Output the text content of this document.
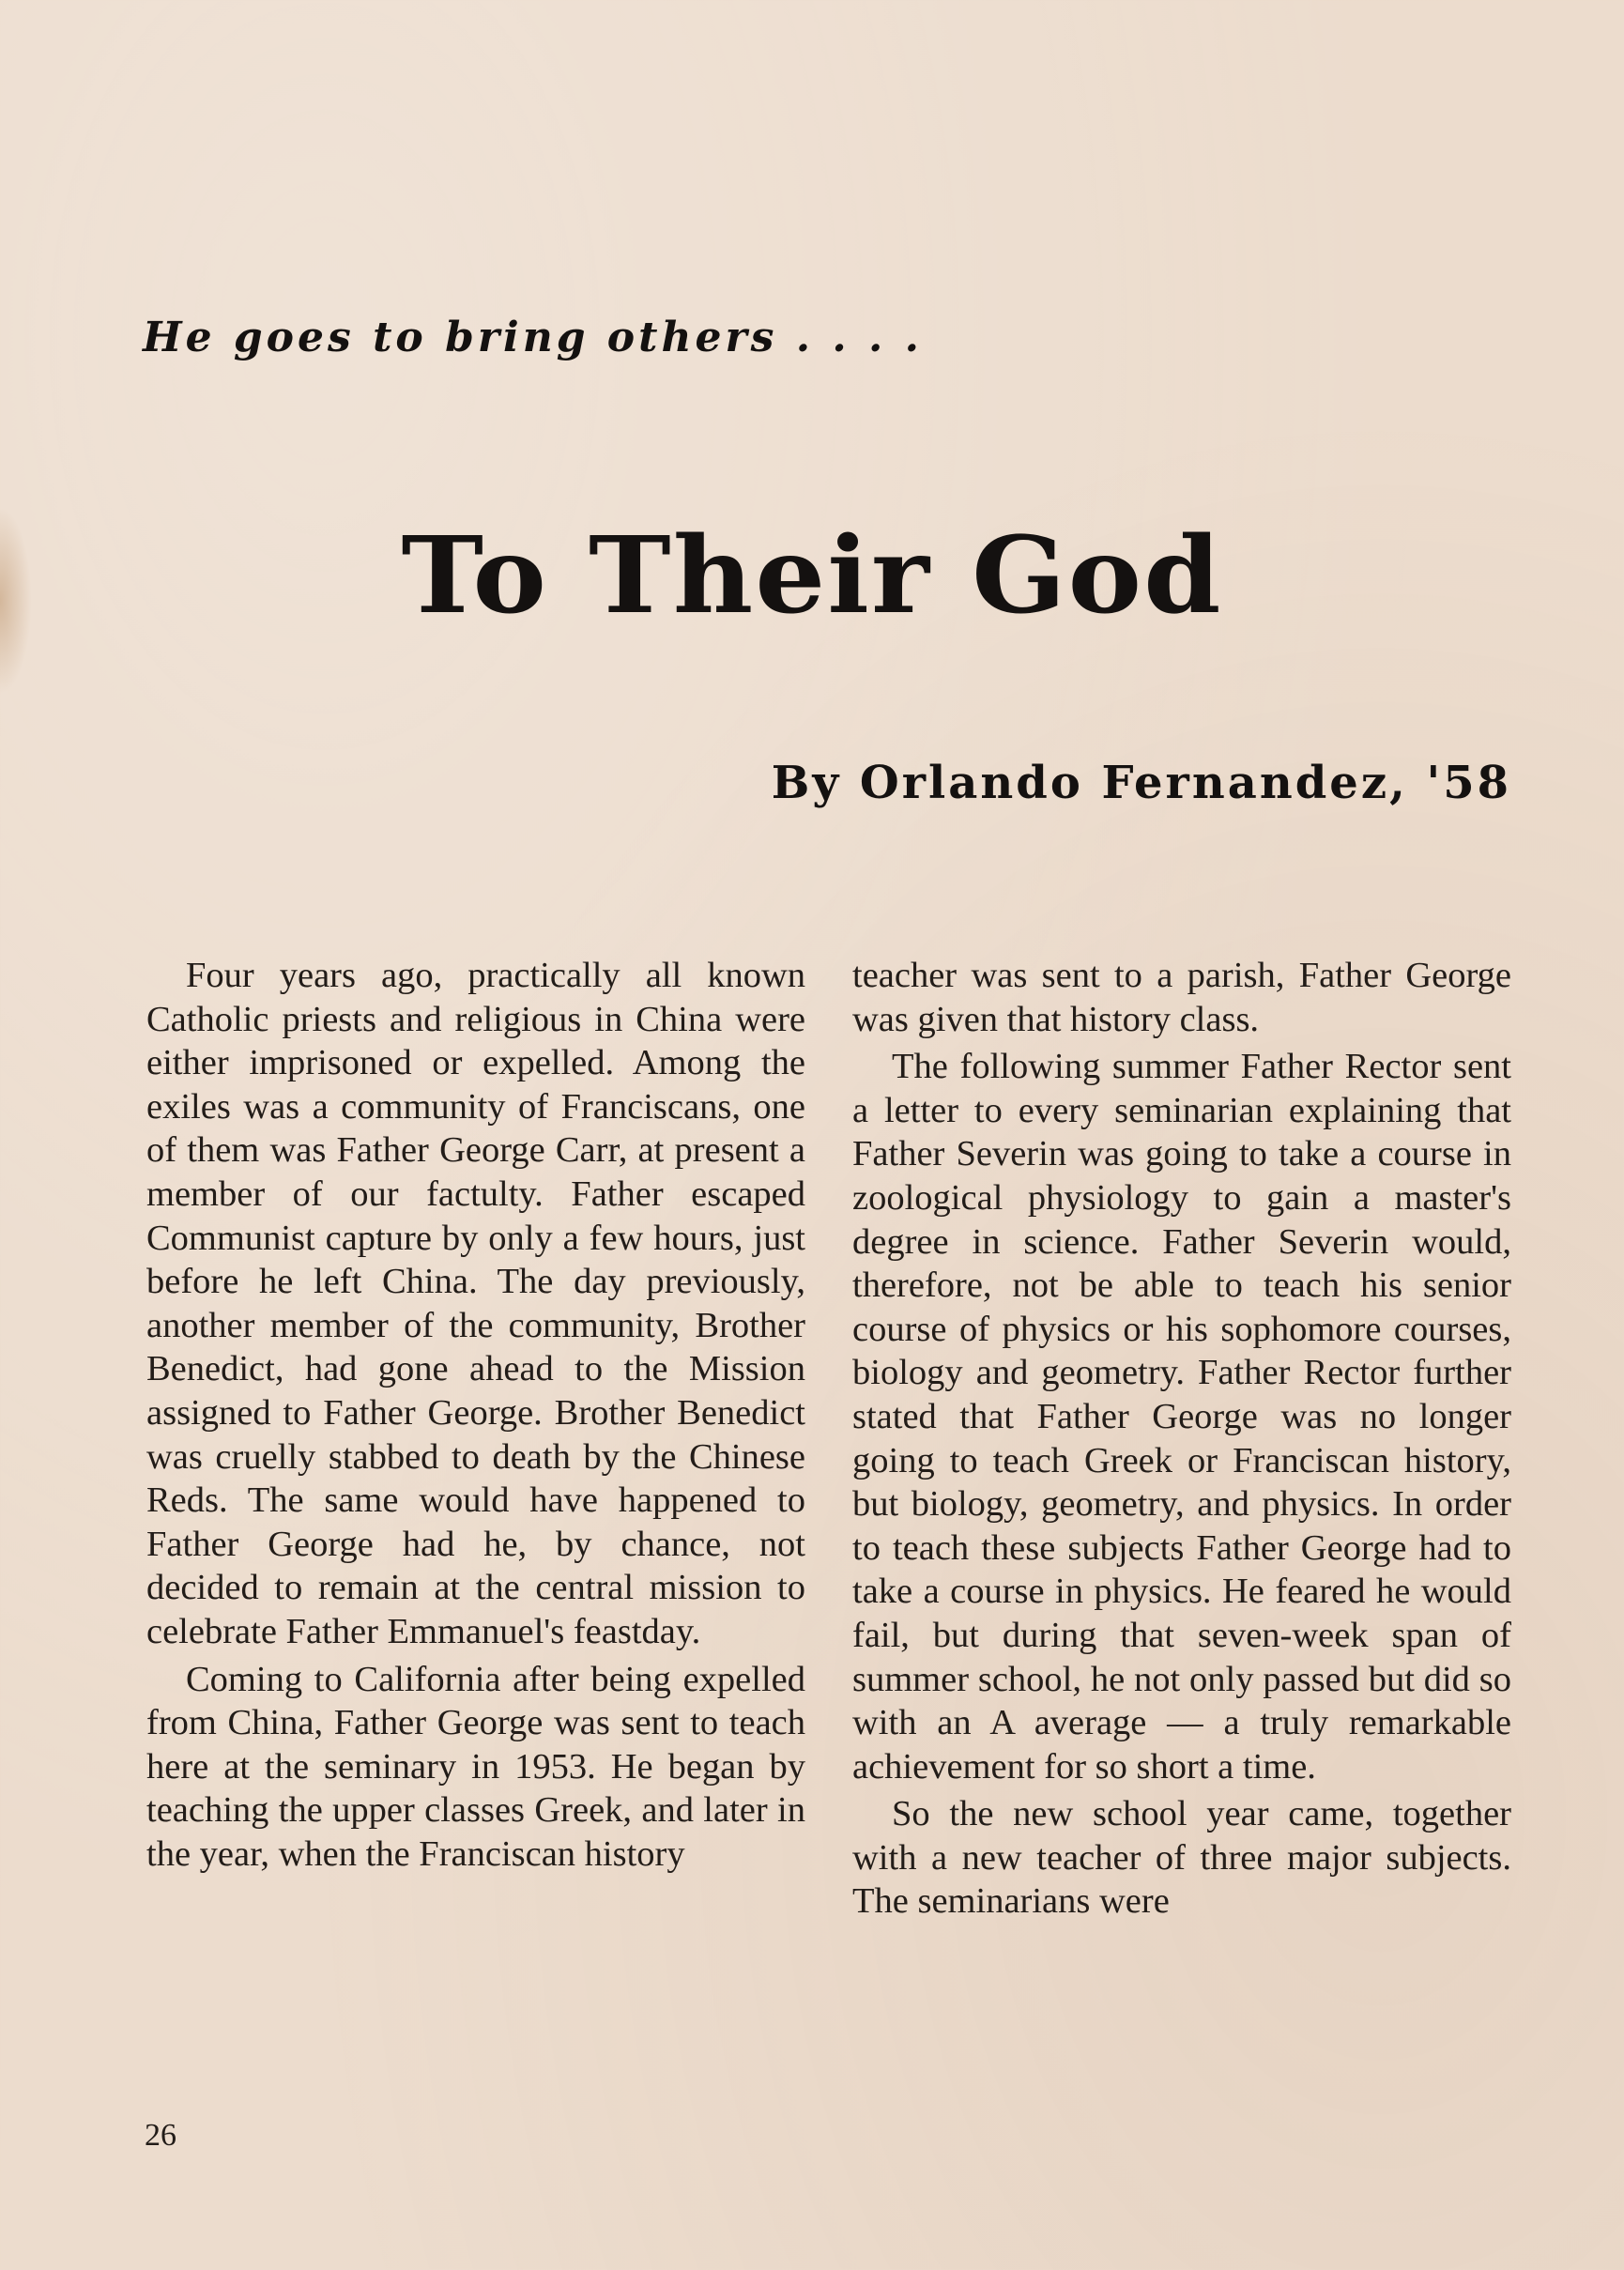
He goes to bring others . . . .
To Their God
By Orlando Fernandez, '58

Four years ago, practically all known Catholic priests and religious in China were either imprisoned or expelled. Among the exiles was a community of Franciscans, one of them was Father George Carr, at present a member of our factulty. Father escaped Communist capture by only a few hours, just before he left China. The day previously, another member of the community, Brother Benedict, had gone ahead to the Mission assigned to Father George. Brother Benedict was cruelly stabbed to death by the Chinese Reds. The same would have happened to Father George had he, by chance, not decided to remain at the central mission to celebrate Father Emmanuel's feastday.

Coming to California after being expelled from China, Father George was sent to teach here at the seminary in 1953. He began by teaching the upper classes Greek, and later in the year, when the Franciscan history

teacher was sent to a parish, Father George was given that history class.

The following summer Father Rector sent a letter to every seminarian explaining that Father Severin was going to take a course in zoological physiology to gain a master's degree in science. Father Severin would, therefore, not be able to teach his senior course of physics or his sophomore courses, biology and geometry. Father Rector further stated that Father George was no longer going to teach Greek or Franciscan history, but biology, geometry, and physics. In order to teach these subjects Father George had to take a course in physics. He feared he would fail, but during that seven-week span of summer school, he not only passed but did so with an A average — a truly remarkable achievement for so short a time.

So the new school year came, together with a new teacher of three major subjects. The seminarians were

26
